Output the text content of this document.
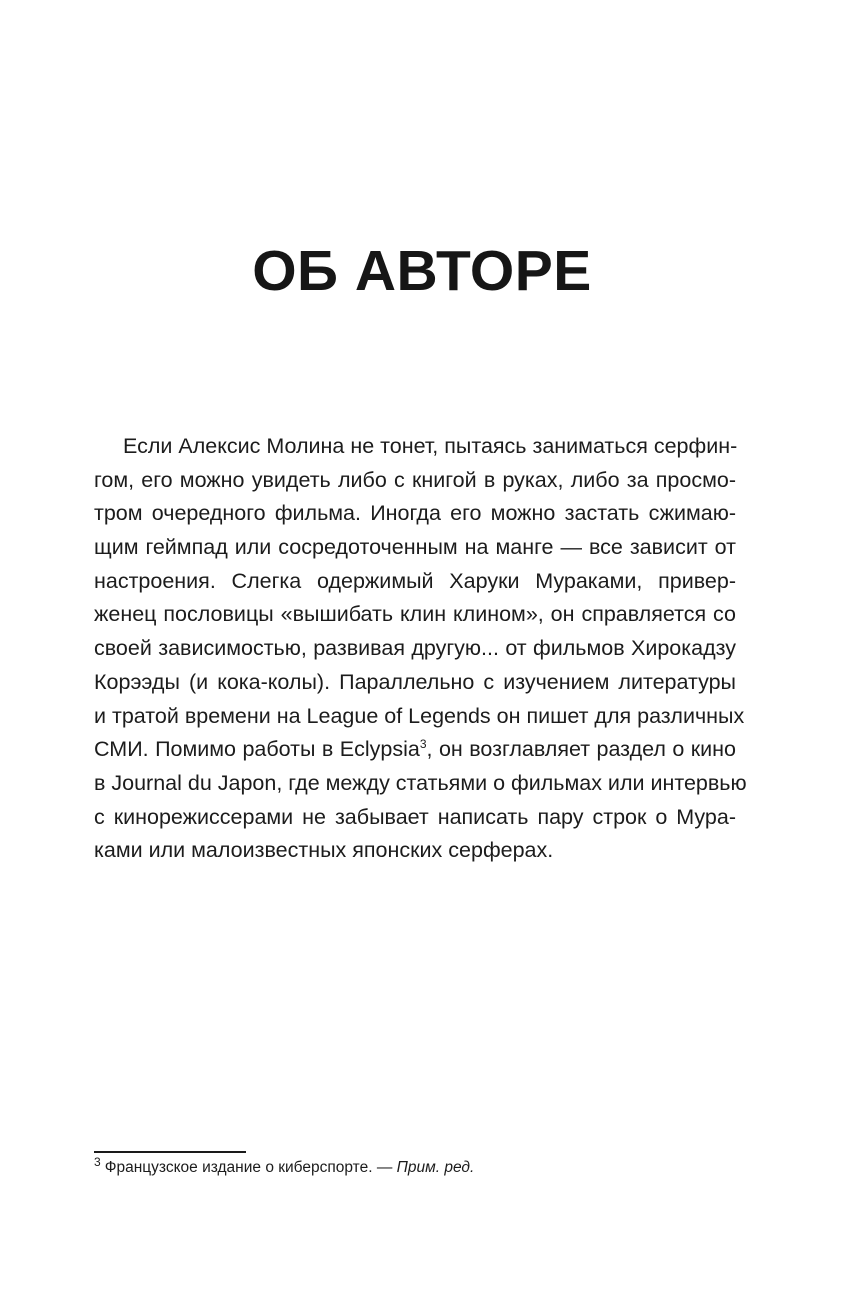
ОБ АВТОРЕ
Если Алексис Молина не тонет, пытаясь заниматься серфин-
гом, его можно увидеть либо с книгой в руках, либо за просмо-
тром очередного фильма. Иногда его можно застать сжимаю-
щим геймпад или сосредоточенным на манге — все зависит от
настроения. Слегка одержимый Харуки Мураками, привер-
женец пословицы «вышибать клин клином», он справляется со
своей зависимостью, развивая другую... от фильмов Хирокадзу
Корээды (и кока-колы). Параллельно с изучением литературы
и тратой времени на League of Legends он пишет для различных
СМИ. Помимо работы в Eclypsia$^3$, он возглавляет раздел о кино
в Journal du Japon, где между статьями о фильмах или интервью
с кинорежиссерами не забывает написать пару строк о Мура-
ками или малоизвестных японских серферах.
$^3$ Французское издание о киберспорте. — Прим. ред.
